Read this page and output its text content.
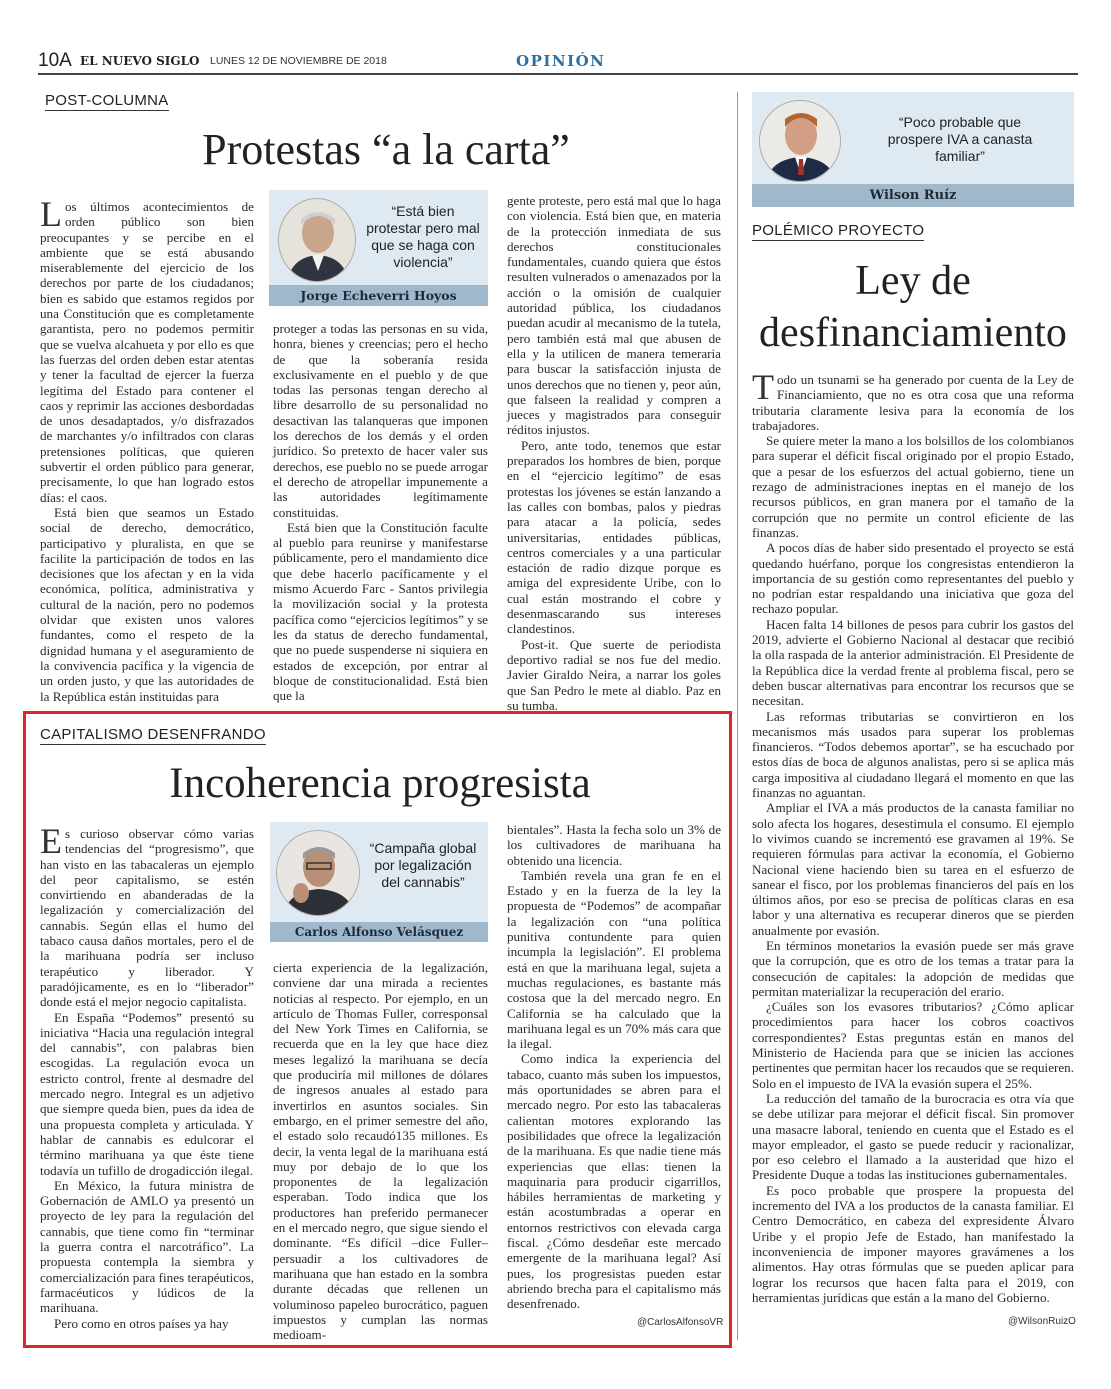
10A EL NUEVO SIGLO LUNES 12 DE NOVIEMBRE DE 2018	OPINIÓN
POST-COLUMNA
Protestas “a la carta”

Los últimos acontecimientos de orden público son bien preocupantes y se percibe en el ambiente que se está abusando miserablemente del ejercicio de los derechos por parte de los ciudadanos; bien es sabido que estamos regidos por una Constitución que es completamente garantista, pero no podemos permitir que se vuelva alcahueta y por ello es que las fuerzas del orden deben estar atentas y tener la facultad de ejercer la fuerza legítima del Estado para contener el caos y reprimir las acciones desbordadas de unos desadaptados, y/o disfrazados de marchantes y/o infiltrados con claras pretensiones políticas, que quieren subvertir el orden público para generar, precisamente, lo que han logrado estos días: el caos.

Está bien que seamos un Estado social de derecho, democrático, participativo y pluralista, en que se facilite la participación de todos en las decisiones que los afectan y en la vida económica, política, administrativa y cultural de la nación, pero no podemos olvidar que existen unos valores fundantes, como el respeto de la dignidad humana y el aseguramiento de la convivencia pacífica y la vigencia de un orden justo, y que las autoridades de la República están instituidas para

“Está bien protestar pero mal que se haga con violencia”
Jorge Echeverri Hoyos

proteger a todas las personas en su vida, honra, bienes y creencias; pero el hecho de que la soberanía resida exclusivamente en el pueblo y de que todas las personas tengan derecho al libre desarrollo de su personalidad no desactivan las talanqueras que imponen los derechos de los demás y el orden jurídico. So pretexto de hacer valer sus derechos, ese pueblo no se puede arrogar el derecho de atropellar impunemente a las autoridades legítimamente constituidas.

Está bien que la Constitución faculte al pueblo para reunirse y manifestarse públicamente, pero el mandamiento dice que debe hacerlo pacíficamente y el mismo Acuerdo Farc - Santos privilegia la movilización social y la protesta pacífica como “ejercicios legítimos” y se les da status de derecho fundamental, que no puede suspenderse ni siquiera en estados de excepción, por entrar al bloque de constitucionalidad. Está bien que la

gente proteste, pero está mal que lo haga con violencia. Está bien que, en materia de la protección inmediata de sus derechos constitucionales fundamentales, cuando quiera que éstos resulten vulnerados o amenazados por la acción o la omisión de cualquier autoridad pública, los ciudadanos puedan acudir al mecanismo de la tutela, pero también está mal que abusen de ella y la utilicen de manera temeraria para buscar la satisfacción injusta de unos derechos que no tienen y, peor aún, que falseen la realidad y compren a jueces y magistrados para conseguir réditos injustos.

Pero, ante todo, tenemos que estar preparados los hombres de bien, porque en el “ejercicio legítimo” de esas protestas los jóvenes se están lanzando a las calles con bombas, palos y piedras para atacar a la policía, sedes universitarias, entidades públicas, centros comerciales y a una particular estación de radio dizque porque es amiga del expresidente Uribe, con lo cual están mostrando el cobre y desenmascarando sus intereses clandestinos.

Post-it. Que suerte de periodista deportivo radial se nos fue del medio. Javier Giraldo Neira, a narrar los goles que San Pedro le mete al diablo. Paz en su tumba.

CAPITALISMO DESENFRANDO
Incoherencia progresista

Es curioso observar cómo varias tendencias del “progresismo”, que han visto en las tabacaleras un ejemplo del peor capitalismo, se estén convirtiendo en abanderadas de la legalización y comercialización del cannabis. Según ellas el humo del tabaco causa daños mortales, pero el de la marihuana podría ser incluso terapéutico y liberador. Y paradójicamente, es en lo “liberador” donde está el mejor negocio capitalista.

En España “Podemos” presentó su iniciativa “Hacia una regulación integral del cannabis”, con palabras bien escogidas. La regulación evoca un estricto control, frente al desmadre del mercado negro. Integral es un adjetivo que siempre queda bien, pues da idea de una propuesta completa y articulada. Y hablar de cannabis es edulcorar el término marihuana ya que éste tiene todavía un tufillo de drogadicción ilegal.

En México, la futura ministra de Gobernación de AMLO ya presentó un proyecto de ley para la regulación del cannabis, que tiene como fin “terminar la guerra contra el narcotráfico”. La propuesta contempla la siembra y comercialización para fines terapéuticos, farmacéuticos y lúdicos de la marihuana.

Pero como en otros países ya hay

“Campaña global por legalización del cannabis”
Carlos Alfonso Velásquez

cierta experiencia de la legalización, conviene dar una mirada a recientes noticias al respecto. Por ejemplo, en un artículo de Thomas Fuller, corresponsal del New York Times en California, se recuerda que en la ley que hace diez meses legalizó la marihuana se decía que produciría mil millones de dólares de ingresos anuales al estado para invertirlos en asuntos sociales. Sin embargo, en el primer semestre del año, el estado solo recaudó135 millones. Es decir, la venta legal de la marihuana está muy por debajo de lo que los proponentes de la legalización esperaban. Todo indica que los productores han preferido permanecer en el mercado negro, que sigue siendo el dominante. “Es difícil –dice Fuller– persuadir a los cultivadores de marihuana que han estado en la sombra durante décadas que rellenen un voluminoso papeleo burocrático, paguen impuestos y cumplan las normas medioam-

bientales”. Hasta la fecha solo un 3% de los cultivadores de marihuana ha obtenido una licencia.

También revela una gran fe en el Estado y en la fuerza de la ley la propuesta de “Podemos” de acompañar la legalización con “una política punitiva contundente para quien incumpla la legislación”. El problema está en que la marihuana legal, sujeta a muchas regulaciones, es bastante más costosa que la del mercado negro. En California se ha calculado que la marihuana legal es un 70% más cara que la ilegal.

Como indica la experiencia del tabaco, cuanto más suben los impuestos, más oportunidades se abren para el mercado negro. Por esto las tabacaleras calientan motores explorando las posibilidades que ofrece la legalización de la marihuana. Es que nadie tiene más experiencias que ellas: tienen la maquinaria para producir cigarrillos, hábiles herramientas de marketing y están acostumbradas a operar en entornos restrictivos con elevada carga fiscal. ¿Cómo desdeñar este mercado emergente de la marihuana legal? Así pues, los progresistas pueden estar abriendo brecha para el capitalismo más desenfrenado.

@CarlosAlfonsoVR
“Poco probable que prospere IVA a canasta familiar”
Wilson Ruíz
POLÉMICO PROYECTO
Ley de
desfinanciamiento

Todo un tsunami se ha generado por cuenta de la Ley de Financiamiento, que no es otra cosa que una reforma tributaria claramente lesiva para la economía de los trabajadores.

Se quiere meter la mano a los bolsillos de los colombianos para superar el déficit fiscal originado por el propio Estado, que a pesar de los esfuerzos del actual gobierno, tiene un rezago de administraciones ineptas en el manejo de los recursos públicos, en gran manera por el tamaño de la corrupción que no permite un control eficiente de las finanzas.

A pocos días de haber sido presentado el proyecto se está quedando huérfano, porque los congresistas entendieron la importancia de su gestión como representantes del pueblo y no podrían estar respaldando una iniciativa que goza del rechazo popular.

Hacen falta 14 billones de pesos para cubrir los gastos del 2019, advierte el Gobierno Nacional al destacar que recibió la olla raspada de la anterior administración. El Presidente de la República dice la verdad frente al problema fiscal, pero se deben buscar alternativas para encontrar los recursos que se necesitan.

Las reformas tributarias se convirtieron en los mecanismos más usados para superar los problemas financieros. “Todos debemos aportar”, se ha escuchado por estos días de boca de algunos analistas, pero si se aplica más carga impositiva al ciudadano llegará el momento en que las finanzas no aguantan.

Ampliar el IVA a más productos de la canasta familiar no solo afecta los hogares, desestimula el consumo. El ejemplo lo vivimos cuando se incrementó ese gravamen al 19%. Se requieren fórmulas para activar la economía, el Gobierno Nacional viene haciendo bien su tarea en el esfuerzo de sanear el fisco, por los problemas financieros del país en los últimos años, por eso se precisa de políticas claras en esa labor y una alternativa es recuperar dineros que se pierden anualmente por evasión.

En términos monetarios la evasión puede ser más grave que la corrupción, que es otro de los temas a tratar para la consecución de capitales: la adopción de medidas que permitan materializar la recuperación del erario.

¿Cuáles son los evasores tributarios? ¿Cómo aplicar procedimientos para hacer los cobros coactivos correspondientes? Estas preguntas están en manos del Ministerio de Hacienda para que se inicien las acciones pertinentes que permitan hacer los recaudos que se requieren. Solo en el impuesto de IVA la evasión supera el 25%.

La reducción del tamaño de la burocracia es otra vía que se debe utilizar para mejorar el déficit fiscal. Sin promover una masacre laboral, teniendo en cuenta que el Estado es el mayor empleador, el gasto se puede reducir y racionalizar, por eso celebro el llamado a la austeridad que hizo el Presidente Duque a todas las instituciones gubernamentales.

Es poco probable que prospere la propuesta del incremento del IVA a los productos de la canasta familiar. El Centro Democrático, en cabeza del expresidente Álvaro Uribe y el propio Jefe de Estado, han manifestado la inconveniencia de imponer mayores gravámenes a los alimentos. Hay otras fórmulas que se pueden aplicar para lograr los recursos que hacen falta para el 2019, con herramientas jurídicas que están a la mano del Gobierno.

@WilsonRuizO
